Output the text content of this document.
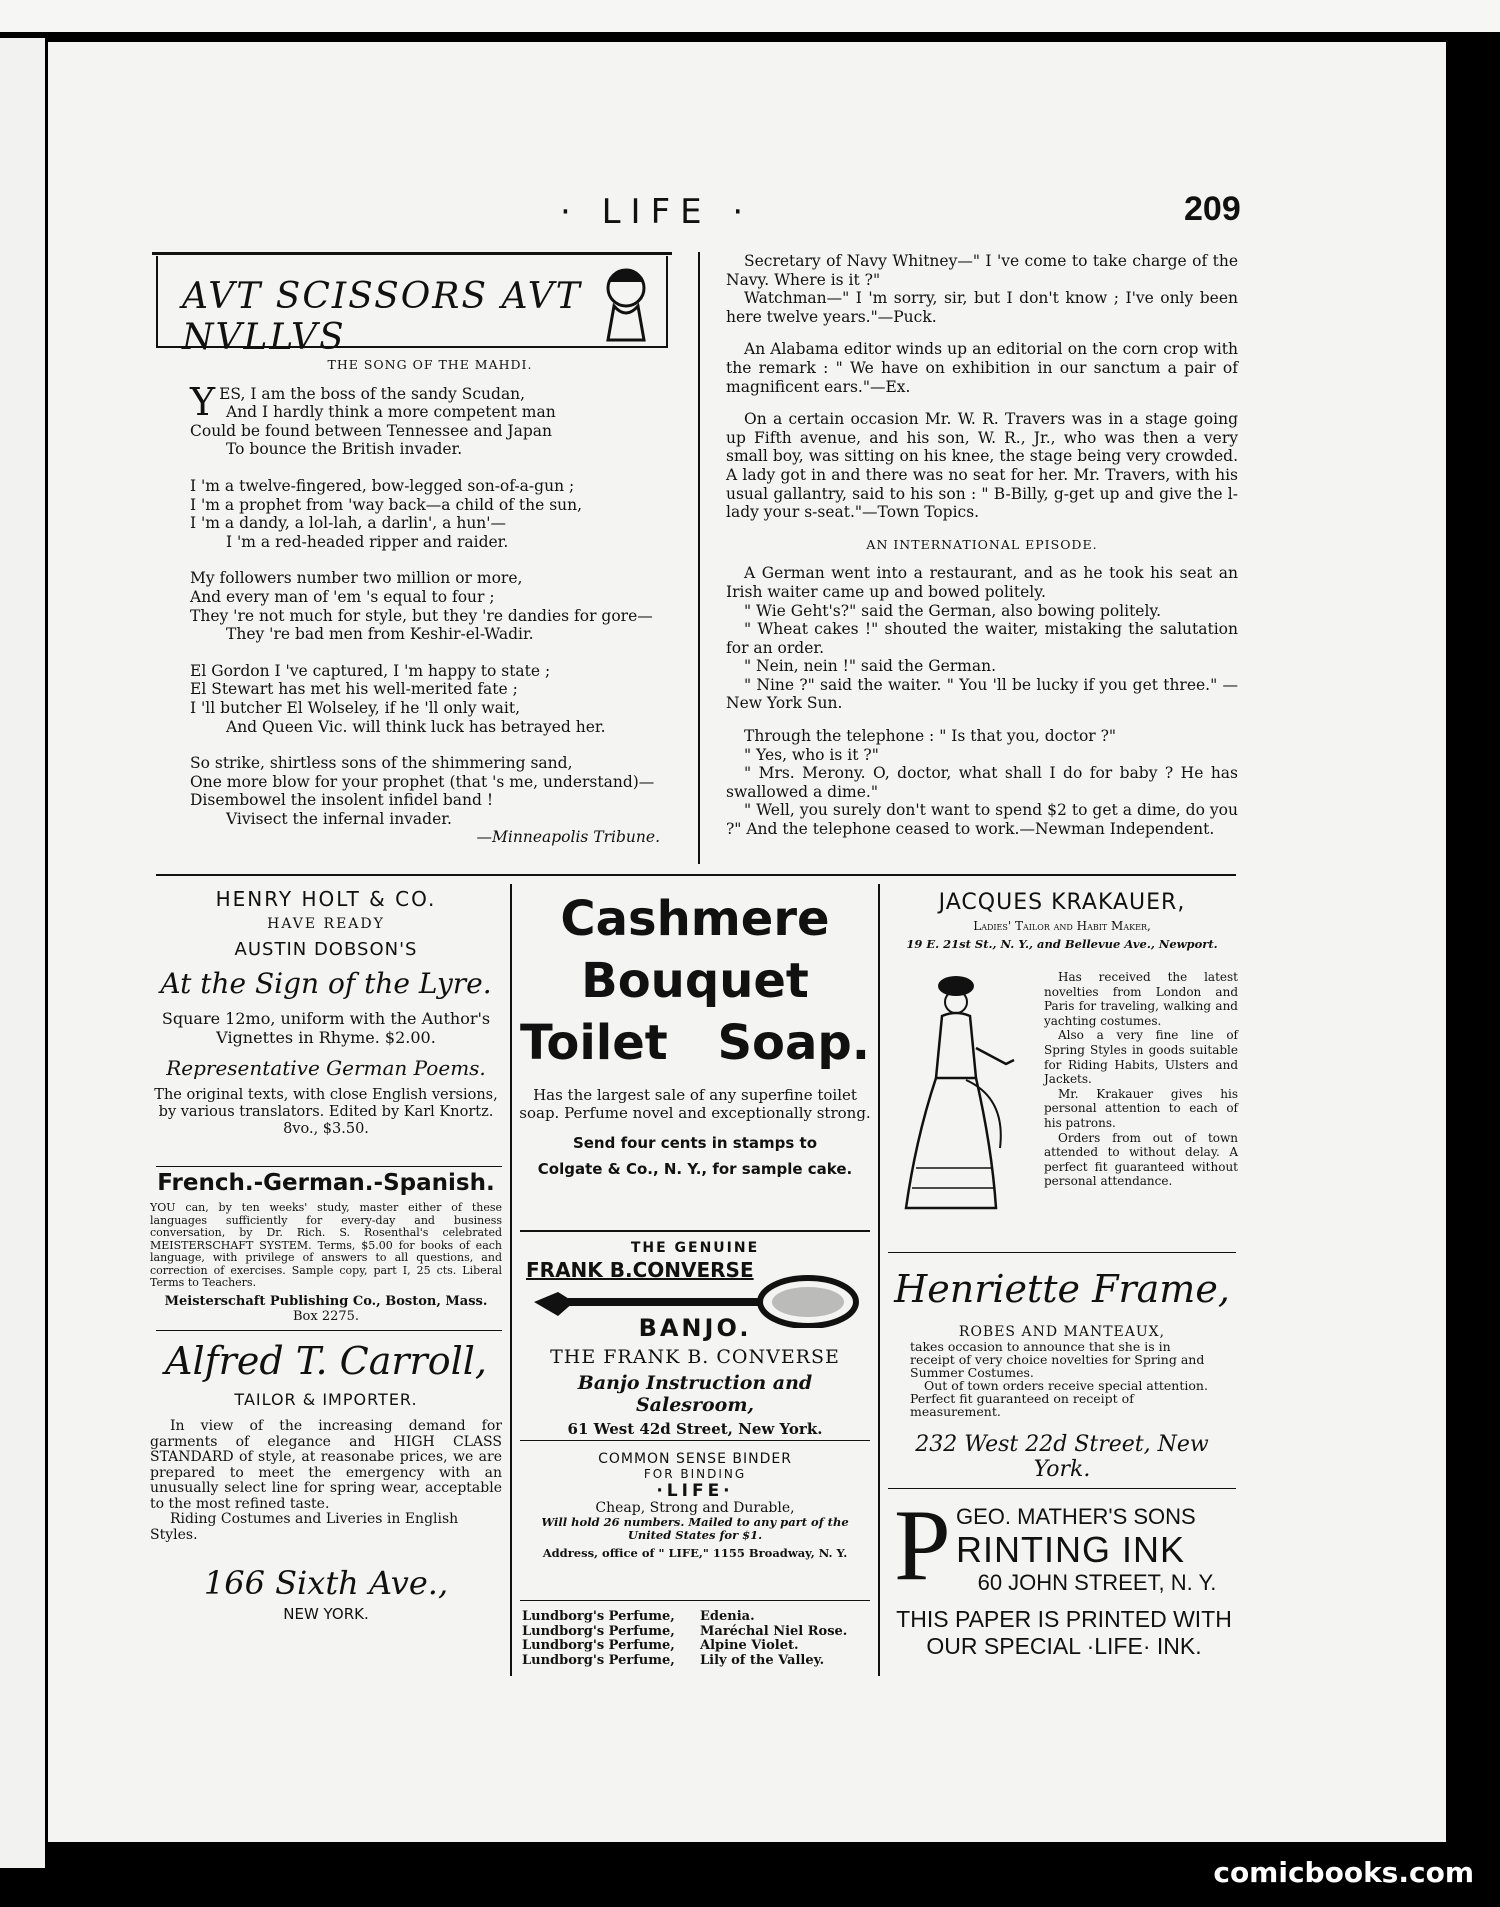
· LIFE ·	209
AVT SCISSORS AVT NVLLVS
THE SONG OF THE MAHDI.
Y ES, I am the boss of the sandy Scudan,
And I hardly think a more competent man
Could be found between Tennessee and Japan
To bounce the British invader.
I 'm a twelve-fingered, bow-legged son-of-a-gun ;
I 'm a prophet from 'way back—a child of the sun,
I 'm a dandy, a lol-lah, a darlin', a hun'—
I 'm a red-headed ripper and raider.
My followers number two million or more,
And every man of 'em 's equal to four ;
They 're not much for style, but they 're dandies for gore—
They 're bad men from Keshir-el-Wadir.
El Gordon I 've captured, I 'm happy to state ;
El Stewart has met his well-merited fate ;
I 'll butcher El Wolseley, if he 'll only wait,
And Queen Vic. will think luck has betrayed her.
So strike, shirtless sons of the shimmering sand,
One more blow for your prophet (that 's me, understand)—
Disembowel the insolent infidel band !
Vivisect the infernal invader.
—Minneapolis Tribune.

Secretary of Navy Whitney—" I 've come to take charge of the Navy. Where is it ?"

Watchman—" I 'm sorry, sir, but I don't know ; I've only been here twelve years."—Puck.

An Alabama editor winds up an editorial on the corn crop with the remark : " We have on exhibition in our sanctum a pair of magnificent ears."—Ex.

On a certain occasion Mr. W. R. Travers was in a stage going up Fifth avenue, and his son, W. R., Jr., who was then a very small boy, was sitting on his knee, the stage being very crowded. A lady got in and there was no seat for her. Mr. Travers, with his usual gallantry, said to his son : " B-Billy, g-get up and give the l-lady your s-seat."—Town Topics.

AN INTERNATIONAL EPISODE.

A German went into a restaurant, and as he took his seat an Irish waiter came up and bowed politely.

" Wie Geht's?" said the German, also bowing politely.

" Wheat cakes !" shouted the waiter, mistaking the salutation for an order.

" Nein, nein !" said the German.

" Nine ?" said the waiter. " You 'll be lucky if you get three." —New York Sun.

Through the telephone : " Is that you, doctor ?"

" Yes, who is it ?"

" Mrs. Merony. O, doctor, what shall I do for baby ? He has swallowed a dime."

" Well, you surely don't want to spend $2 to get a dime, do you ?" And the telephone ceased to work.—Newman Independent.

HENRY HOLT & CO.
HAVE READY
AUSTIN DOBSON'S
At the Sign of the Lyre.
Square 12mo, uniform with the Author's Vignettes in Rhyme. $2.00.
Representative German Poems.
The original texts, with close English versions, by various translators. Edited by Karl Knortz. 8vo., $3.50.
French.-German.-Spanish.
YOU can, by ten weeks' study, master either of these languages sufficiently for every-day and business conversation, by Dr. Rich. S. Rosenthal's celebrated MEISTERSCHAFT SYSTEM. Terms, $5.00 for books of each language, with privilege of answers to all questions, and correction of exercises. Sample copy, part I, 25 cts. Liberal Terms to Teachers.
Meisterschaft Publishing Co., Boston, Mass.
Box 2275.
Alfred T. Carroll,
TAILOR & IMPORTER.
In view of the increasing demand for garments of elegance and HIGH CLASS STANDARD of style, at reasonabe prices, we are prepared to meet the emergency with an unusually select line for spring wear, acceptable to the most refined taste.
Riding Costumes and Liveries in English Styles.
166 Sixth Ave.,
NEW YORK.
Cashmere
Bouquet
Toilet Soap.
Has the largest sale of any superfine toilet soap. Perfume novel and exceptionally strong.
Send four cents in stamps to
Colgate & Co., N. Y., for sample cake.
THE GENUINE
FRANK B.CONVERSE
BANJO.
THE FRANK B. CONVERSE
Banjo Instruction and Salesroom,
61 West 42d Street, New York.
COMMON SENSE BINDER
FOR BINDING
·LIFE·
Cheap, Strong and Durable,
Will hold 26 numbers. Mailed to any part of the United States for $1.
Address, office of " LIFE," 1155 Broadway, N. Y.
Lundborg's Perfume,	Edenia.
Lundborg's Perfume,	Maréchal Niel Rose.
Lundborg's Perfume,	Alpine Violet.
Lundborg's Perfume,	Lily of the Valley.
JACQUES KRAKAUER,
Ladies' Tailor and Habit Maker,
19 E. 21st St., N. Y., and Bellevue Ave., Newport.
Has received the latest novelties from London and Paris for traveling, walking and yachting costumes.
Also a very fine line of Spring Styles in goods suitable for Riding Habits, Ulsters and Jackets.
Mr. Krakauer gives his personal attention to each of his patrons.
Orders from out of town attended to without delay. A perfect fit guaranteed without personal attendance.
Henriette Frame,
ROBES AND MANTEAUX,
takes occasion to announce that she is in receipt of very choice novelties for Spring and Summer Costumes.
Out of town orders receive special attention. Perfect fit guaranteed on receipt of measurement.
232 West 22d Street, New York.
P GEO. MATHER'S SONS
RINTING INK
60 JOHN STREET, N. Y.
THIS PAPER IS PRINTED WITH
OUR SPECIAL ·LIFE· INK.
comicbooks.com
